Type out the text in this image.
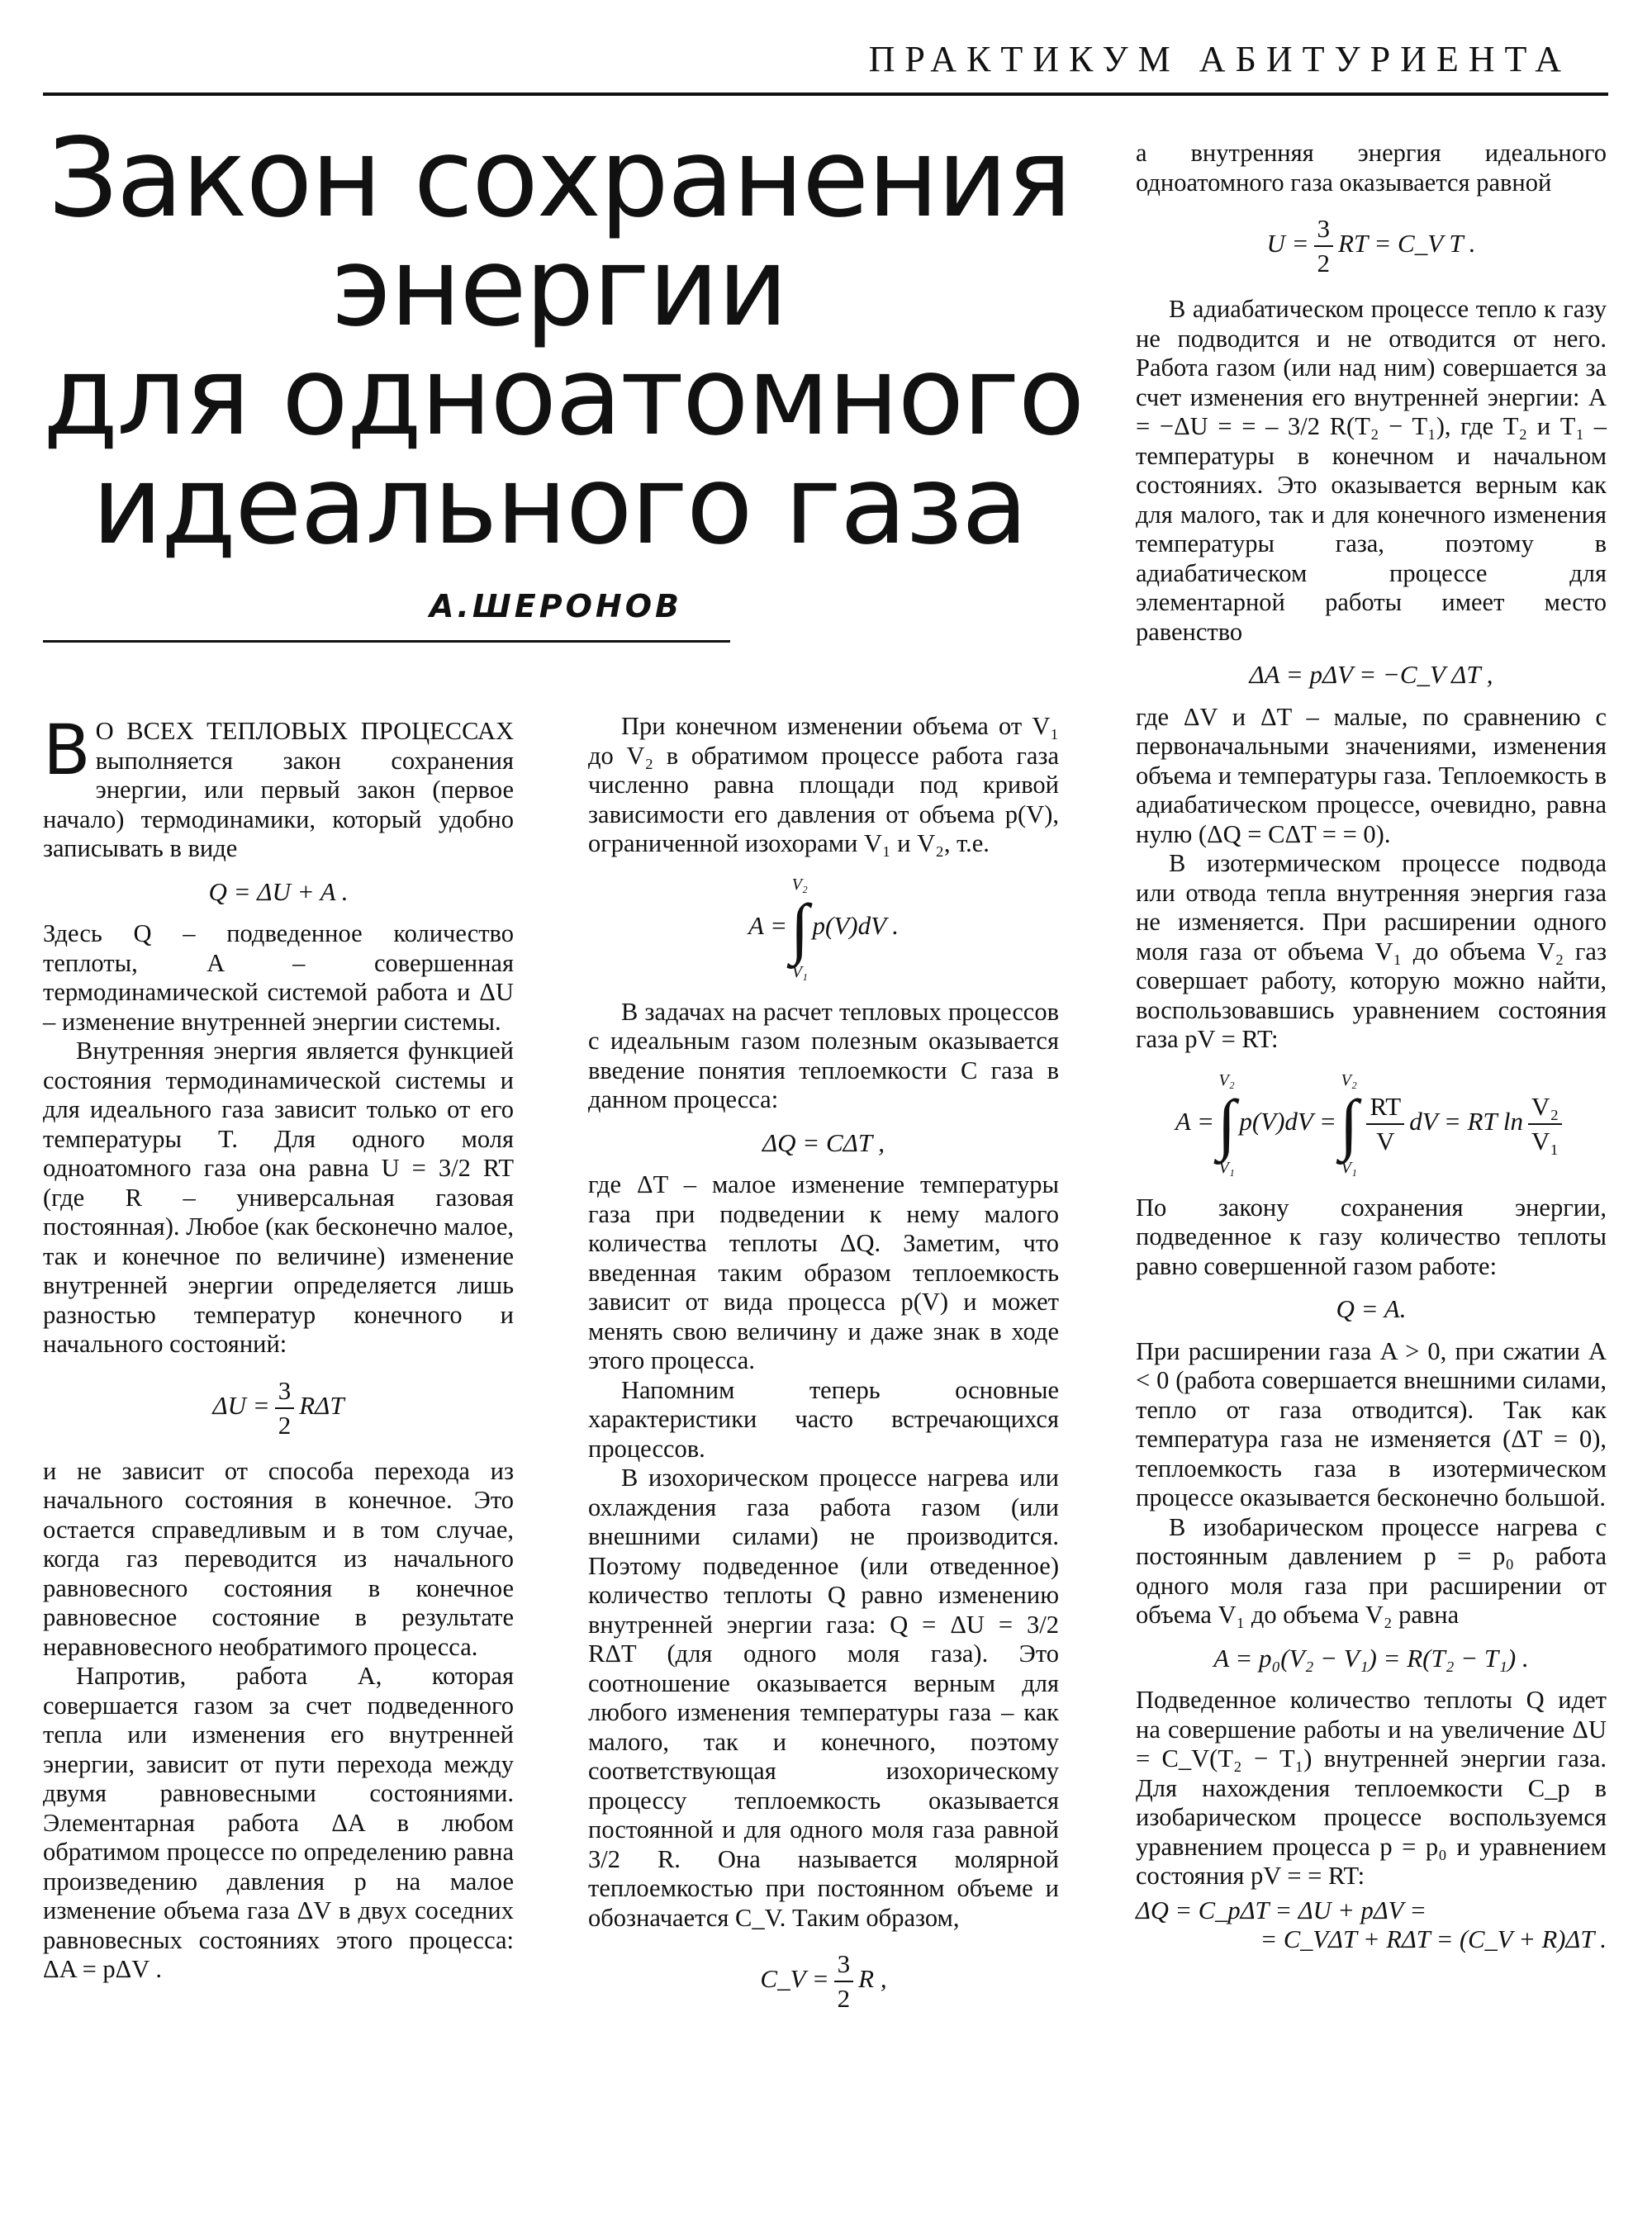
ПРАКТИКУМ АБИТУРИЕНТА
Закон сохранения
энергии
для одноатомного
идеального газа
А.ШЕРОНОВ

В О ВСЕХ ТЕПЛОВЫХ ПРОЦЕССАХ выполняется закон сохранения энергии, или первый закон (первое начало) термодинамики, который удобно записывать в виде

Q = ΔU + A .

Здесь Q – подведенное количество теплоты, A – совершенная термодинамической системой работа и ΔU – изменение внутренней энергии системы.

Внутренняя энергия является функцией состояния термодинамической системы и для идеального газа зависит только от его температуры T. Для одного моля одноатомного газа она равна U = 3/2 RT (где R – универсальная газовая постоянная). Любое (как бесконечно малое, так и конечное по величине) изменение внутренней энергии определяется лишь разностью температур конечного и начального состояний:

$\Delta U = \frac{3}{2}$ RΔT

и не зависит от способа перехода из начального состояния в конечное. Это остается справедливым и в том случае, когда газ переводится из начального равновесного состояния в конечное равновесное состояние в результате неравновесного необратимого процесса.

Напротив, работа A, которая совершается газом за счет подведенного тепла или изменения его внутренней энергии, зависит от пути перехода между двумя равновесными состояниями. Элементарная работа ΔA в любом обратимом процессе по определению равна произведению давления p на малое изменение объема газа ΔV в двух соседних равновесных состояниях этого процесса: ΔA = pΔV .

При конечном изменении объема от V₁ до V₂ в обратимом процессе работа газа численно равна площади под кривой зависимости его давления от объема p(V), ограниченной изохорами V₁ и V₂, т.е.

A =V₂
∫
V₁p(V)dV .

В задачах на расчет тепловых процессов с идеальным газом полезным оказывается введение понятия теплоемкости C газа в данном процесса:

ΔQ = CΔT ,

где ΔT – малое изменение температуры газа при подведении к нему малого количества теплоты ΔQ. Заметим, что введенная таким образом теплоемкость зависит от вида процесса p(V) и может менять свою величину и даже знак в ходе этого процесса.

Напомним теперь основные характеристики часто встречающихся процессов.

В изохорическом процессе нагрева или охлаждения газа работа газом (или внешними силами) не производится. Поэтому подведенное (или отведенное) количество теплоты Q равно изменению внутренней энергии газа: Q = ΔU = 3/2 RΔT (для одного моля газа). Это соотношение оказывается верным для любого изменения температуры газа – как малого, так и конечного, поэтому соответствующая изохорическому процессу теплоемкость оказывается постоянной и для одного моля газа равной 3/2 R. Она называется молярной теплоемкостью при постоянном объеме и обозначается C_V. Таким образом,

C_V = $\frac{3}{2}$ R ,

а внутренняя энергия идеального одноатомного газа оказывается равной

$U = \frac{3}{2}$ RT = C_V T .

В адиабатическом процессе тепло к газу не подводится и не отводится от него. Работа газом (или над ним) совершается за счет изменения его внутренней энергии: A = −ΔU = = – 3/2 R(T₂ − T₁), где T₂ и T₁ – температуры в конечном и начальном состояниях. Это оказывается верным как для малого, так и для конечного изменения температуры газа, поэтому в адиабатическом процессе для элементарной работы имеет место равенство

ΔA = pΔV = −C_V ΔT ,

где ΔV и ΔT – малые, по сравнению с первоначальными значениями, изменения объема и температуры газа. Теплоемкость в адиабатическом процессе, очевидно, равна нулю (ΔQ = CΔT = = 0).

В изотермическом процессе подвода или отвода тепла внутренняя энергия газа не изменяется. При расширении одного моля газа от объема V₁ до объема V₂ газ совершает работу, которую можно найти, воспользовавшись уравнением состояния газа pV = RT:

A =V₂
∫
V₁p(V)dV =V₂
∫
V₁
$\frac{RT}{V}$ dV = RT $\ln \frac{\text{V₂}}{\text{V₁}}$

По закону сохранения энергии, подведенное к газу количество теплоты равно совершенной газом работе:

Q = A.

При расширении газа A > 0, при сжатии A < 0 (работа совершается внешними силами, тепло от газа отводится). Так как температура газа не изменяется (ΔT = 0), теплоемкость газа в изотермическом процессе оказывается бесконечно большой.

В изобарическом процессе нагрева с постоянным давлением p = p₀ работа одного моля газа при расширении от объема V₁ до объема V₂ равна

A = p₀(V₂ − V₁) = R(T₂ − T₁) .

Подведенное количество теплоты Q идет на совершение работы и на увеличение ΔU = C_V(T₂ − T₁) внутренней энергии газа. Для нахождения теплоемкости C_p в изобарическом процессе воспользуемся уравнением процесса p = p₀ и уравнением состояния pV = = RT:

ΔQ = C_pΔT = ΔU + pΔV =
= C_VΔT + RΔT = (C_V + R)ΔT .
